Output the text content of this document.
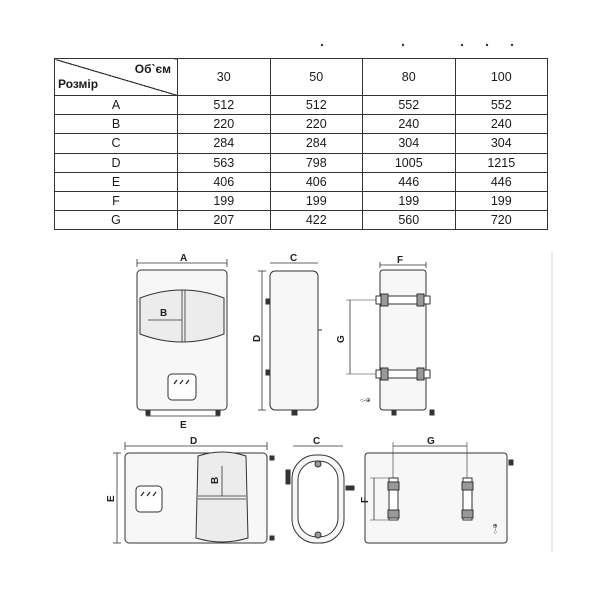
Об`єм
Розмір	30	50	80	100
A	512	512	552	552
B	220	220	240	240
C	284	284	304	304
D	563	798	1005	1215
E	406	406	446	446
F	199	199	199	199
G	207	422	560	720
A
B
E
C
D
F
G
○‑⊕
D
E
B
C	G
F
○‑⊕
